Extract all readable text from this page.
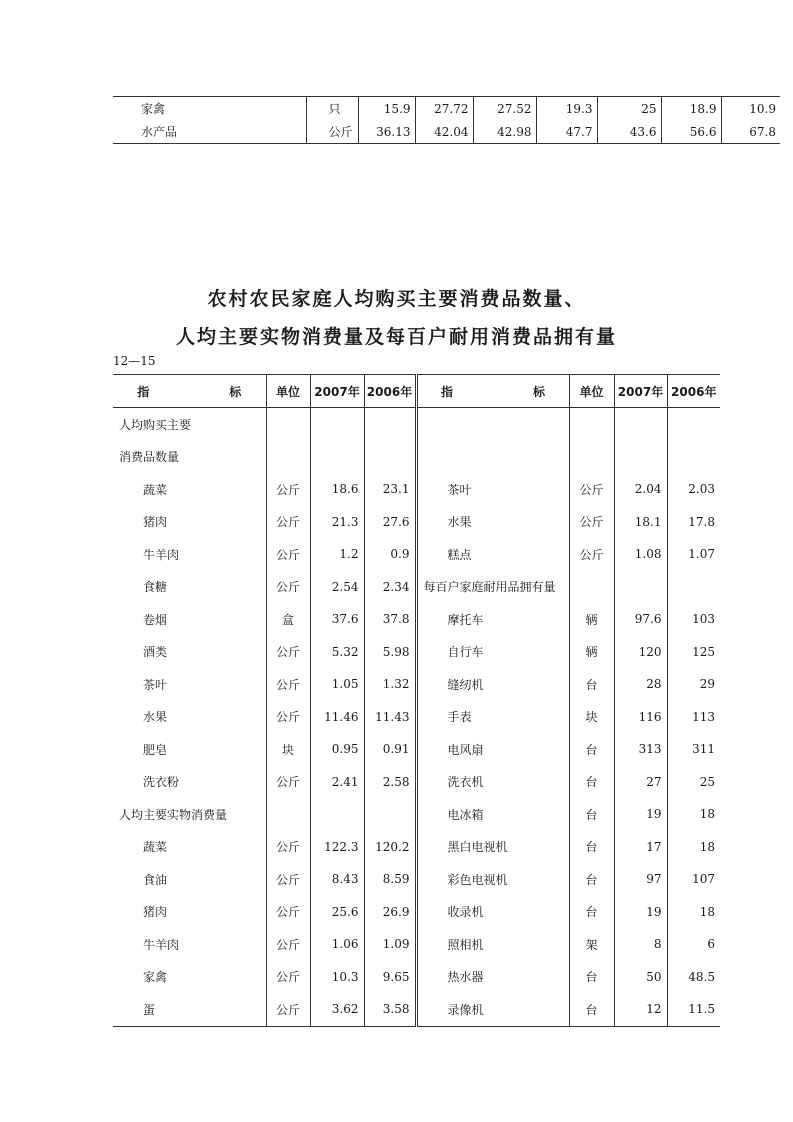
家禽	只	15.9	27.72	27.52	19.3	25	18.9	10.9
水产品	公斤	36.13	42.04	42.98	47.7	43.6	56.6	67.8
农村农民家庭人均购买主要消费品数量、
人均主要实物消费量及每百户耐用消费品拥有量
12—15
指 标	单位	2007年	2006年	指 标	单位	2007年	2006年
人均购买主要							
消费品数量							
蔬菜	公斤	18.6	23.1	茶叶	公斤	2.04	2.03
猪肉	公斤	21.3	27.6	水果	公斤	18.1	17.8
牛羊肉	公斤	1.2	0.9	糕点	公斤	1.08	1.07
食糖	公斤	2.54	2.34	每百户家庭耐用品拥有量			
卷烟	盒	37.6	37.8	摩托车	辆	97.6	103
酒类	公斤	5.32	5.98	自行车	辆	120	125
茶叶	公斤	1.05	1.32	缝纫机	台	28	29
水果	公斤	11.46	11.43	手表	块	116	113
肥皂	块	0.95	0.91	电风扇	台	313	311
洗衣粉	公斤	2.41	2.58	洗衣机	台	27	25
人均主要实物消费量				电冰箱	台	19	18
蔬菜	公斤	122.3	120.2	黑白电视机	台	17	18
食油	公斤	8.43	8.59	彩色电视机	台	97	107
猪肉	公斤	25.6	26.9	收录机	台	19	18
牛羊肉	公斤	1.06	1.09	照相机	架	8	6
家禽	公斤	10.3	9.65	热水器	台	50	48.5
蛋	公斤	3.62	3.58	录像机	台	12	11.5
